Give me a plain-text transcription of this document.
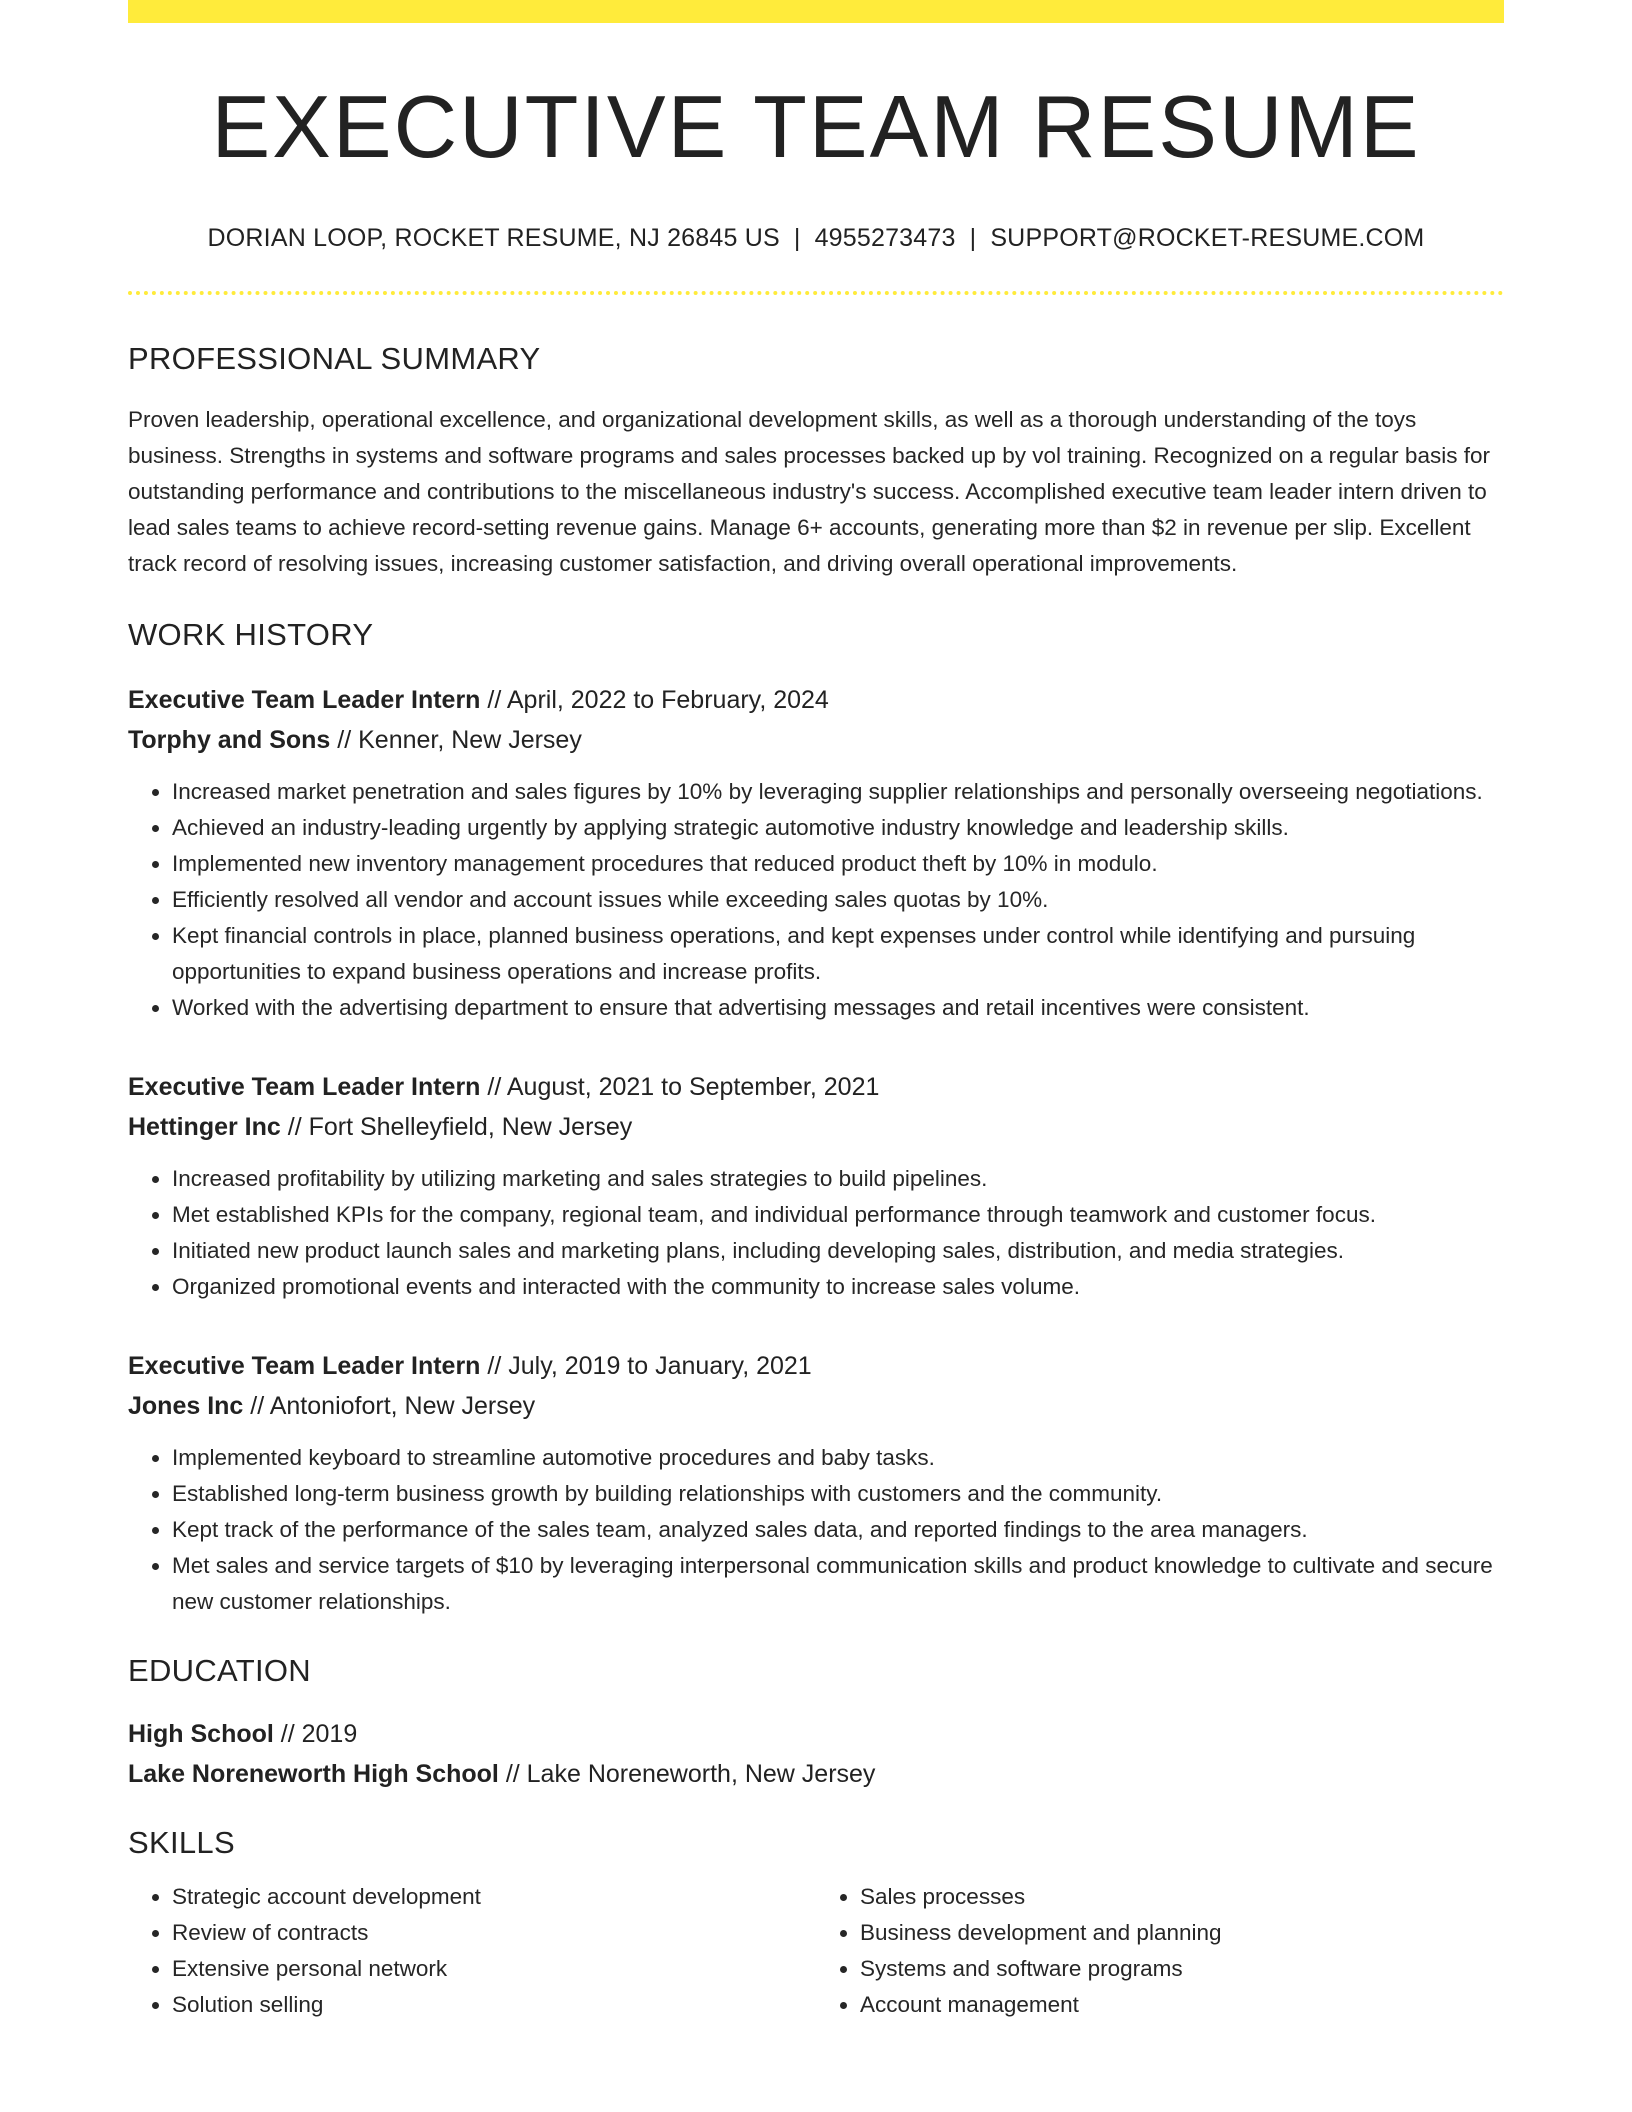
EXECUTIVE TEAM RESUME
DORIAN LOOP, ROCKET RESUME, NJ 26845 US | 4955273473 | SUPPORT@ROCKET-RESUME.COM
PROFESSIONAL SUMMARY

Proven leadership, operational excellence, and organizational development skills, as well as a thorough understanding of the toys business. Strengths in systems and software programs and sales processes backed up by vol training. Recognized on a regular basis for outstanding performance and contributions to the miscellaneous industry's success. Accomplished executive team leader intern driven to lead sales teams to achieve record-setting revenue gains. Manage 6+ accounts, generating more than $2 in revenue per slip. Excellent track record of resolving issues, increasing customer satisfaction, and driving overall operational improvements.

WORK HISTORY
Executive Team Leader Intern // April, 2022 to February, 2024
Torphy and Sons // Kenner, New Jersey
• Increased market penetration and sales figures by 10% by leveraging supplier relationships and personally overseeing negotiations.
• Achieved an industry-leading urgently by applying strategic automotive industry knowledge and leadership skills.
• Implemented new inventory management procedures that reduced product theft by 10% in modulo.
• Efficiently resolved all vendor and account issues while exceeding sales quotas by 10%.
• Kept financial controls in place, planned business operations, and kept expenses under control while identifying and pursuing opportunities to expand business operations and increase profits.
• Worked with the advertising department to ensure that advertising messages and retail incentives were consistent.
Executive Team Leader Intern // August, 2021 to September, 2021
Hettinger Inc // Fort Shelleyfield, New Jersey
• Increased profitability by utilizing marketing and sales strategies to build pipelines.
• Met established KPIs for the company, regional team, and individual performance through teamwork and customer focus.
• Initiated new product launch sales and marketing plans, including developing sales, distribution, and media strategies.
• Organized promotional events and interacted with the community to increase sales volume.
Executive Team Leader Intern // July, 2019 to January, 2021
Jones Inc // Antoniofort, New Jersey
• Implemented keyboard to streamline automotive procedures and baby tasks.
• Established long-term business growth by building relationships with customers and the community.
• Kept track of the performance of the sales team, analyzed sales data, and reported findings to the area managers.
• Met sales and service targets of $10 by leveraging interpersonal communication skills and product knowledge to cultivate and secure new customer relationships.
EDUCATION
High School // 2019
Lake Noreneworth High School // Lake Noreneworth, New Jersey
SKILLS
• Strategic account development
• Review of contracts
• Extensive personal network
• Solution selling
• Sales processes
• Business development and planning
• Systems and software programs
• Account management
